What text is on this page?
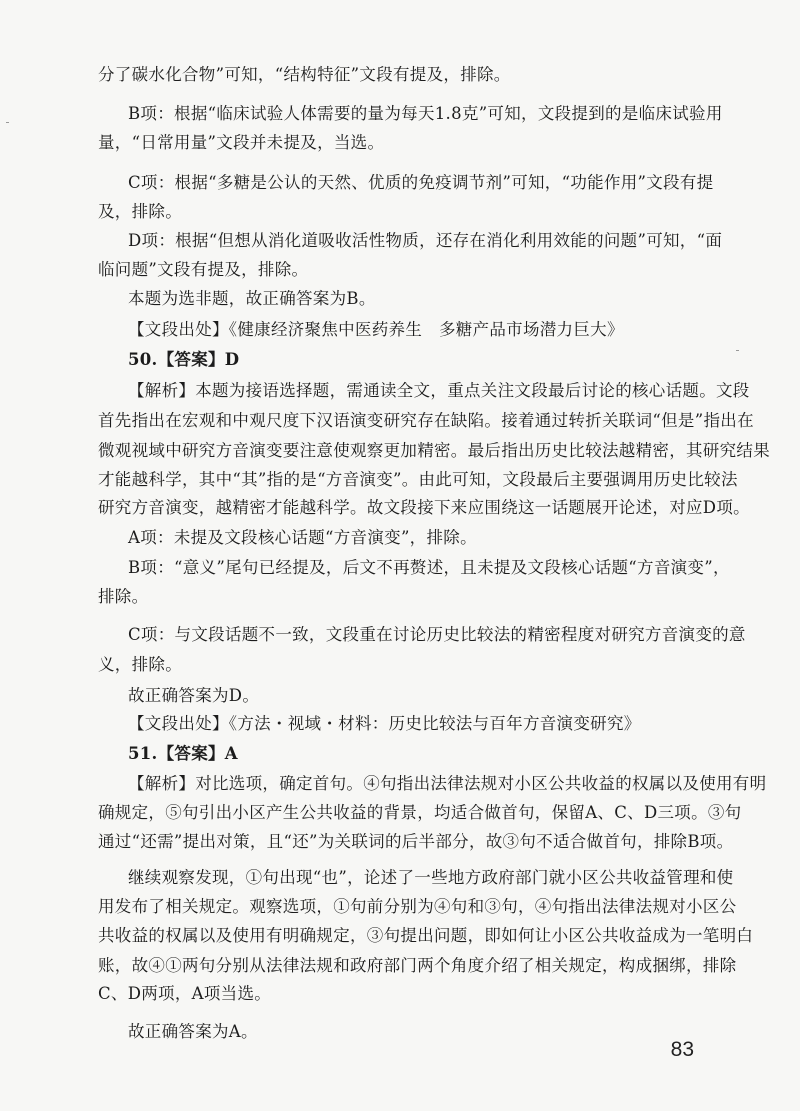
分了碳水化合物”可知，“结构特征”文段有提及，排除。
B项：根据“临床试验人体需要的量为每天1.8克”可知，文段提到的是临床试验用
量，“日常用量”文段并未提及，当选。
C项：根据“多糖是公认的天然、优质的免疫调节剂”可知，“功能作用”文段有提
及，排除。
D项：根据“但想从消化道吸收活性物质，还存在消化利用效能的问题”可知，“面
临问题”文段有提及，排除。
本题为选非题，故正确答案为B。
【文段出处】《健康经济聚焦中医药养生　多糖产品市场潜力巨大》
50.【答案】D
【解析】本题为接语选择题，需通读全文，重点关注文段最后讨论的核心话题。文段
首先指出在宏观和中观尺度下汉语演变研究存在缺陷。接着通过转折关联词“但是”指出在
微观视域中研究方音演变要注意使观察更加精密。最后指出历史比较法越精密，其研究结果
才能越科学，其中“其”指的是“方音演变”。由此可知，文段最后主要强调用历史比较法
研究方音演变，越精密才能越科学。故文段接下来应围绕这一话题展开论述，对应D项。
A项：未提及文段核心话题“方音演变”，排除。
B项：“意义”尾句已经提及，后文不再赘述，且未提及文段核心话题“方音演变”，
排除。
C项：与文段话题不一致，文段重在讨论历史比较法的精密程度对研究方音演变的意
义，排除。
故正确答案为D。
【文段出处】《方法・视域・材料：历史比较法与百年方音演变研究》
51.【答案】A
【解析】对比选项，确定首句。④句指出法律法规对小区公共收益的权属以及使用有明
确规定，⑤句引出小区产生公共收益的背景，均适合做首句，保留A、C、D三项。③句
通过“还需”提出对策，且“还”为关联词的后半部分，故③句不适合做首句，排除B项。
继续观察发现，①句出现“也”，论述了一些地方政府部门就小区公共收益管理和使
用发布了相关规定。观察选项，①句前分别为④句和③句，④句指出法律法规对小区公
共收益的权属以及使用有明确规定，③句提出问题，即如何让小区公共收益成为一笔明白
账，故④①两句分别从法律法规和政府部门两个角度介绍了相关规定，构成捆绑，排除
C、D两项，A项当选。
故正确答案为A。
83
